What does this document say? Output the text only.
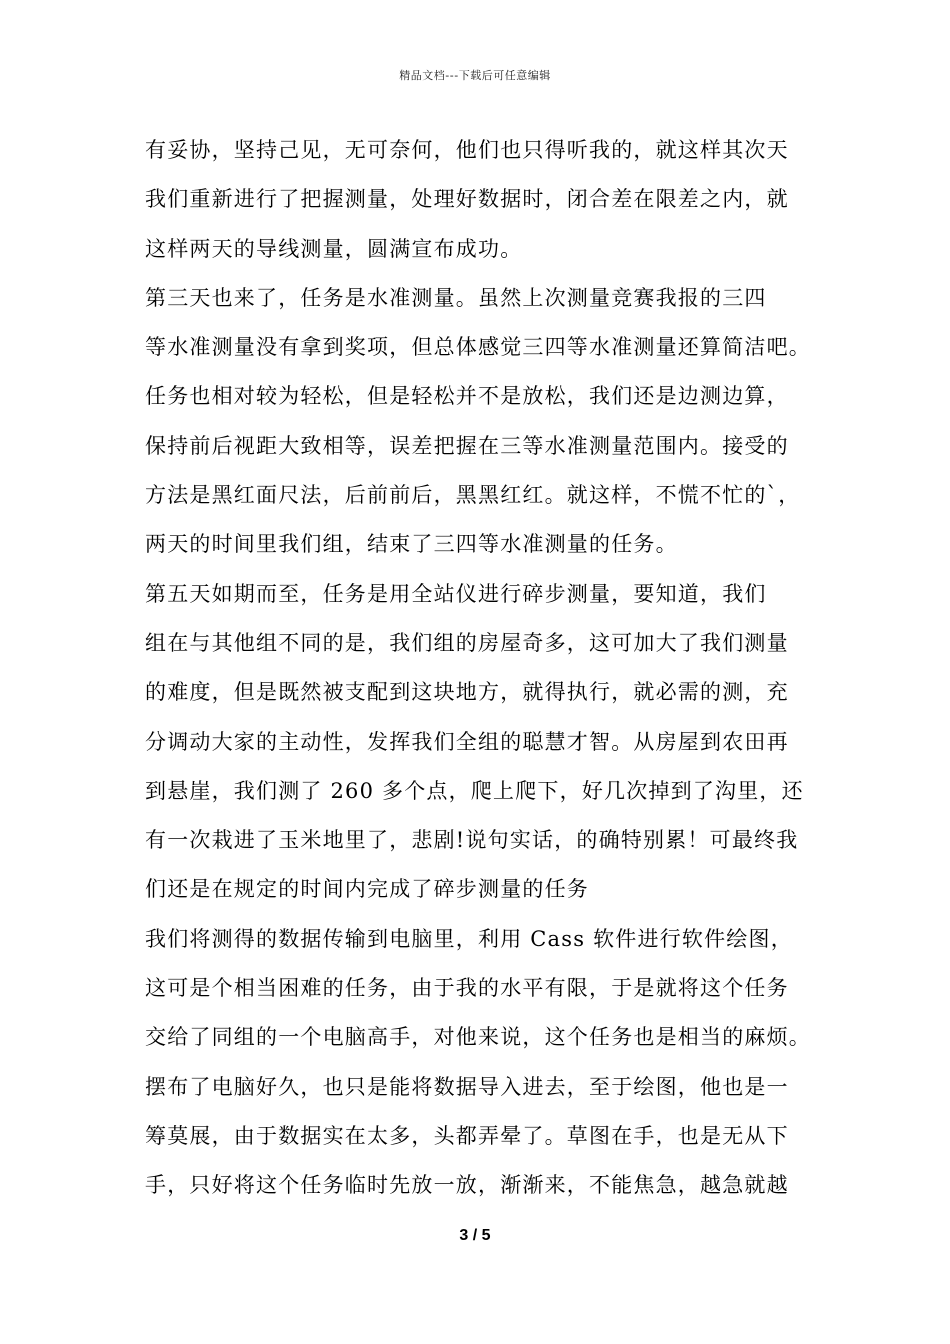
精品文档---下载后可任意编辑
有妥协，坚持己见，无可奈何，他们也只得听我的，就这样其次天
我们重新进行了把握测量，处理好数据时，闭合差在限差之内，就
这样两天的导线测量，圆满宣布成功。
第三天也来了，任务是水准测量。虽然上次测量竞赛我报的三四
等水准测量没有拿到奖项，但总体感觉三四等水准测量还算简洁吧。
任务也相对较为轻松，但是轻松并不是放松，我们还是边测边算，
保持前后视距大致相等，误差把握在三等水准测量范围内。接受的
方法是黑红面尺法，后前前后，黑黑红红。就这样，不慌不忙的`，
两天的时间里我们组，结束了三四等水准测量的任务。
第五天如期而至，任务是用全站仪进行碎步测量，要知道，我们
组在与其他组不同的是，我们组的房屋奇多，这可加大了我们测量
的难度，但是既然被支配到这块地方，就得执行，就必需的测，充
分调动大家的主动性，发挥我们全组的聪慧才智。从房屋到农田再
到悬崖，我们测了 260 多个点，爬上爬下，好几次掉到了沟里，还
有一次栽进了玉米地里了，悲剧!说句实话，的确特别累！可最终我
们还是在规定的时间内完成了碎步测量的任务
我们将测得的数据传输到电脑里，利用 Cass 软件进行软件绘图，
这可是个相当困难的任务，由于我的水平有限，于是就将这个任务
交给了同组的一个电脑高手，对他来说，这个任务也是相当的麻烦。
摆布了电脑好久，也只是能将数据导入进去，至于绘图，他也是一
筹莫展，由于数据实在太多，头都弄晕了。草图在手，也是无从下
手，只好将这个任务临时先放一放，渐渐来，不能焦急，越急就越
3 / 5
